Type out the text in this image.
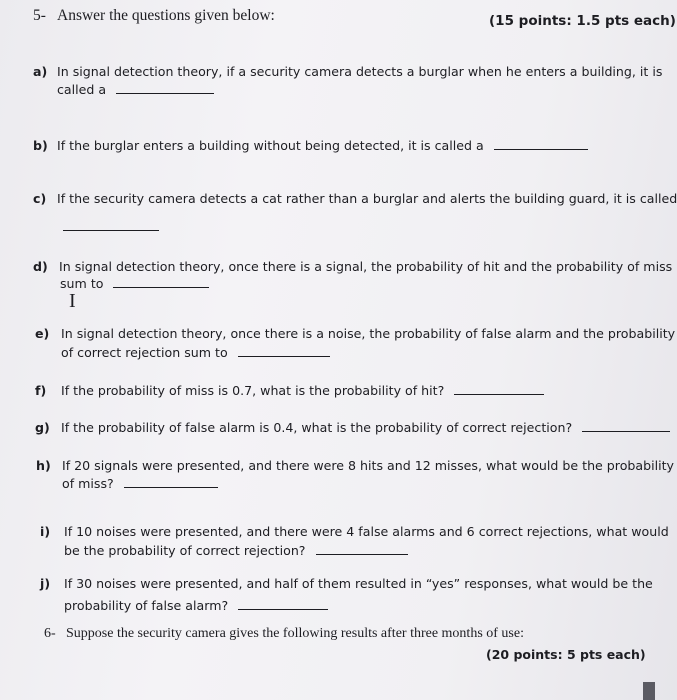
5- Answer the questions given below:	(15 points: 1.5 pts each)
a) In signal detection theory, if a security camera detects a burglar when he enters a building, it is
called a
b) If the burglar enters a building without being detected, it is called a
c) If the security camera detects a cat rather than a burglar and alerts the building guard, it is called
d) In signal detection theory, once there is a signal, the probability of hit and the probability of miss
sum to
I
e) In signal detection theory, once there is a noise, the probability of false alarm and the probability
of correct rejection sum to
f) If the probability of miss is 0.7, what is the probability of hit?
g) If the probability of false alarm is 0.4, what is the probability of correct rejection?
h) If 20 signals were presented, and there were 8 hits and 12 misses, what would be the probability
of miss?
i) If 10 noises were presented, and there were 4 false alarms and 6 correct rejections, what would
be the probability of correct rejection?
j) If 30 noises were presented, and half of them resulted in “yes” responses, what would be the
probability of false alarm?
6- Suppose the security camera gives the following results after three months of use:
(20 points: 5 pts each)
